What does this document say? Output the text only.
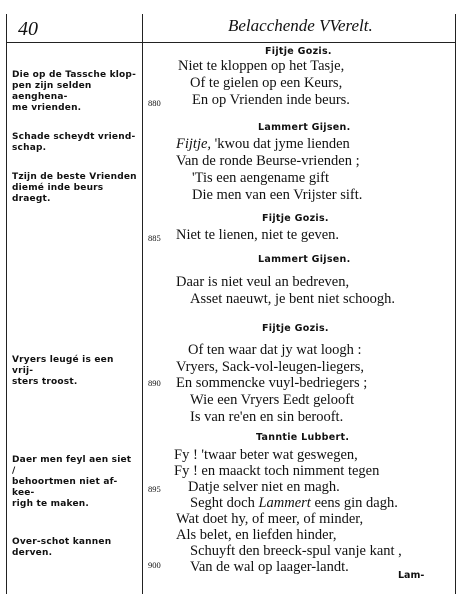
40	Belacchende VVerelt.
Die op de Tassche klop-
pen zijn selden aenghena-
me vrienden.
Schade scheydt vriend-
schap.
Tzijn de beste Vrienden
diemé inde beurs draegt.
Vryers leugé is een vrij-
sters troost.
Daer men feyl aen siet /
behoortmen niet af-kee-
righ te maken.
Over-schot kannen
derven.
Fijtje Gozis.
Lammert Gijsen.
Fijtje Gozis.
Lammert Gijsen.
Fijtje Gozis.
Tanntie Lubbert.
880
885
890
895
900
Niet te kloppen op het Tasje,
Of te gielen op een Keurs,
En op Vrienden inde beurs.
Fijtje, 'kwou dat jyme lienden
Van de ronde Beurse-vrienden ;
'Tis een aengename gift
Die men van een Vrijster sift.
Niet te lienen, niet te geven.
Daar is niet veul an bedreven,
Asset naeuwt, je bent niet schoogh.
Of ten waar dat jy wat loogh :
Vryers, Sack-vol-leugen-liegers,
En sommencke vuyl-bedriegers ;
Wie een Vryers Eedt gelooft
Is van re'en en sin berooft.
Fy ! 'twaar beter wat geswegen,
Fy ! en maackt toch nimment tegen
Datje selver niet en magh.
Seght doch Lammert eens gin dagh.
Wat doet hy, of meer, of minder,
Als belet, en liefden hinder,
Schuyft den breeck-spul vanje kant ,
Van de wal op laager-landt.
Lam-
